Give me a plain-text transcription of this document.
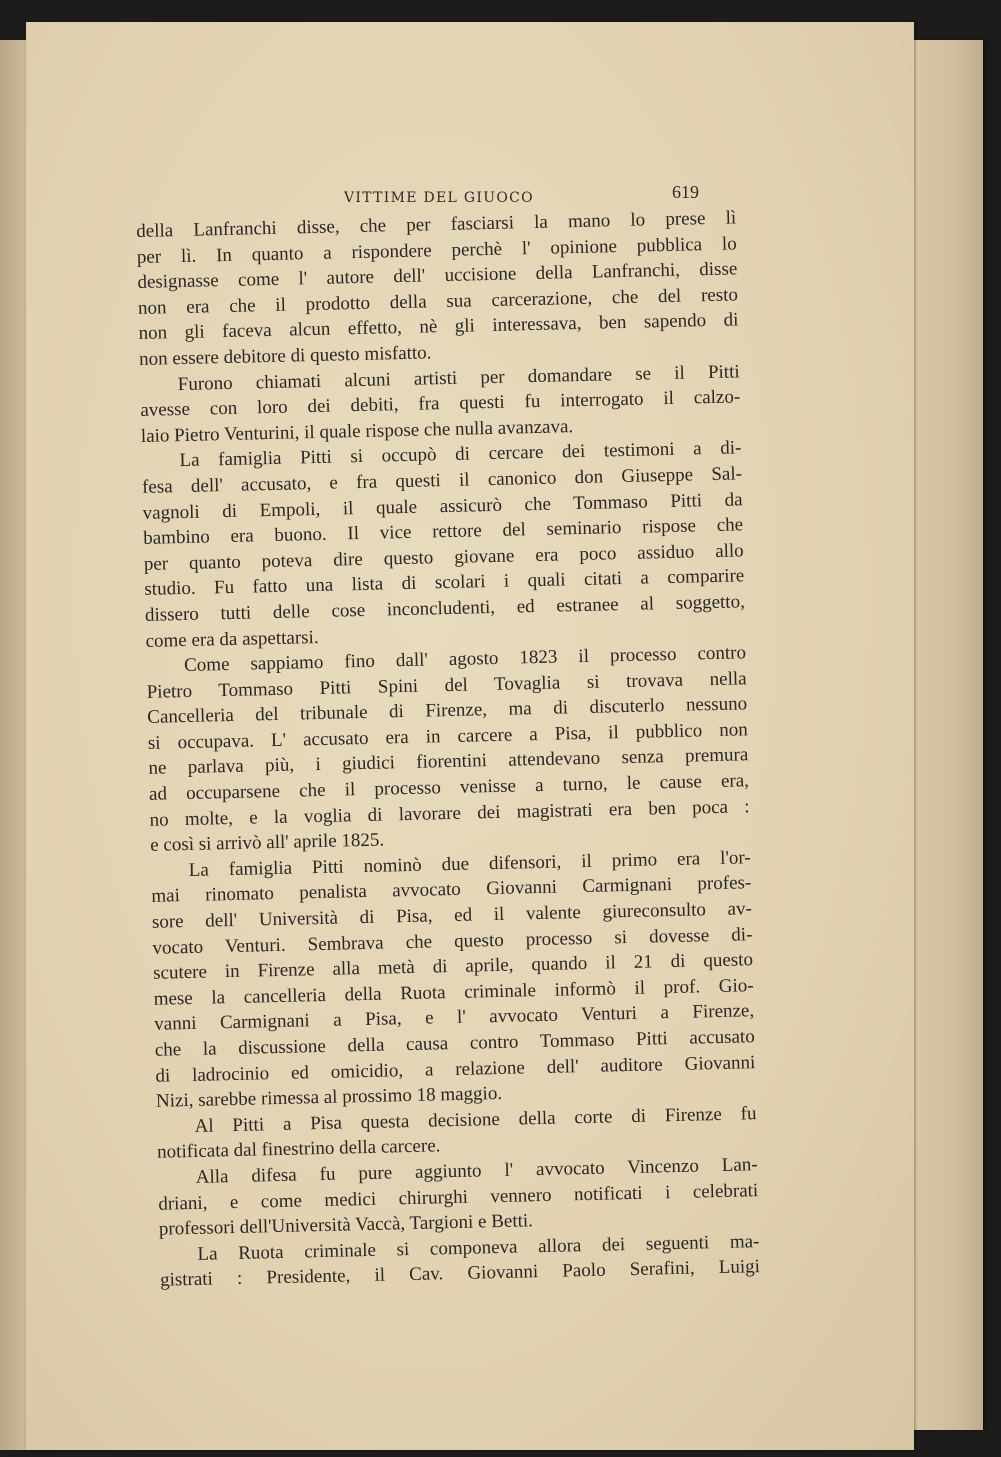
VITTIME DEL GIUOCO	619
della Lanfranchi disse, che per fasciarsi la mano lo prese lì
per lì. In quanto a rispondere perchè l' opinione pubblica lo
designasse come l' autore dell' uccisione della Lanfranchi, disse
non era che il prodotto della sua carcerazione, che del resto
non gli faceva alcun effetto, nè gli interessava, ben sapendo di
non essere debitore di questo misfatto.
Furono chiamati alcuni artisti per domandare se il Pitti
avesse con loro dei debiti, fra questi fu interrogato il calzo-
laio Pietro Venturini, il quale rispose che nulla avanzava.
La famiglia Pitti si occupò di cercare dei testimoni a di-
fesa dell' accusato, e fra questi il canonico don Giuseppe Sal-
vagnoli di Empoli, il quale assicurò che Tommaso Pitti da
bambino era buono. Il vice rettore del seminario rispose che
per quanto poteva dire questo giovane era poco assiduo allo
studio. Fu fatto una lista di scolari i quali citati a comparire
dissero tutti delle cose inconcludenti, ed estranee al soggetto,
come era da aspettarsi.
Come sappiamo fino dall' agosto 1823 il processo contro
Pietro Tommaso Pitti Spini del Tovaglia si trovava nella
Cancelleria del tribunale di Firenze, ma di discuterlo nessuno
si occupava. L' accusato era in carcere a Pisa, il pubblico non
ne parlava più, i giudici fiorentini attendevano senza premura
ad occuparsene che il processo venisse a turno, le cause era,
no molte, e la voglia di lavorare dei magistrati era ben poca :
e così si arrivò all' aprile 1825.
La famiglia Pitti nominò due difensori, il primo era l'or-
mai rinomato penalista avvocato Giovanni Carmignani profes-
sore dell' Università di Pisa, ed il valente giureconsulto av-
vocato Venturi. Sembrava che questo processo si dovesse di-
scutere in Firenze alla metà di aprile, quando il 21 di questo
mese la cancelleria della Ruota criminale informò il prof. Gio-
vanni Carmignani a Pisa, e l' avvocato Venturi a Firenze,
che la discussione della causa contro Tommaso Pitti accusato
di ladrocinio ed omicidio, a relazione dell' auditore Giovanni
Nizi, sarebbe rimessa al prossimo 18 maggio.
Al Pitti a Pisa questa decisione della corte di Firenze fu
notificata dal finestrino della carcere.
Alla difesa fu pure aggiunto l' avvocato Vincenzo Lan-
driani, e come medici chirurghi vennero notificati i celebrati
professori dell'Università Vaccà, Targioni e Betti.
La Ruota criminale si componeva allora dei seguenti ma-
gistrati : Presidente, il Cav. Giovanni Paolo Serafini, Luigi
